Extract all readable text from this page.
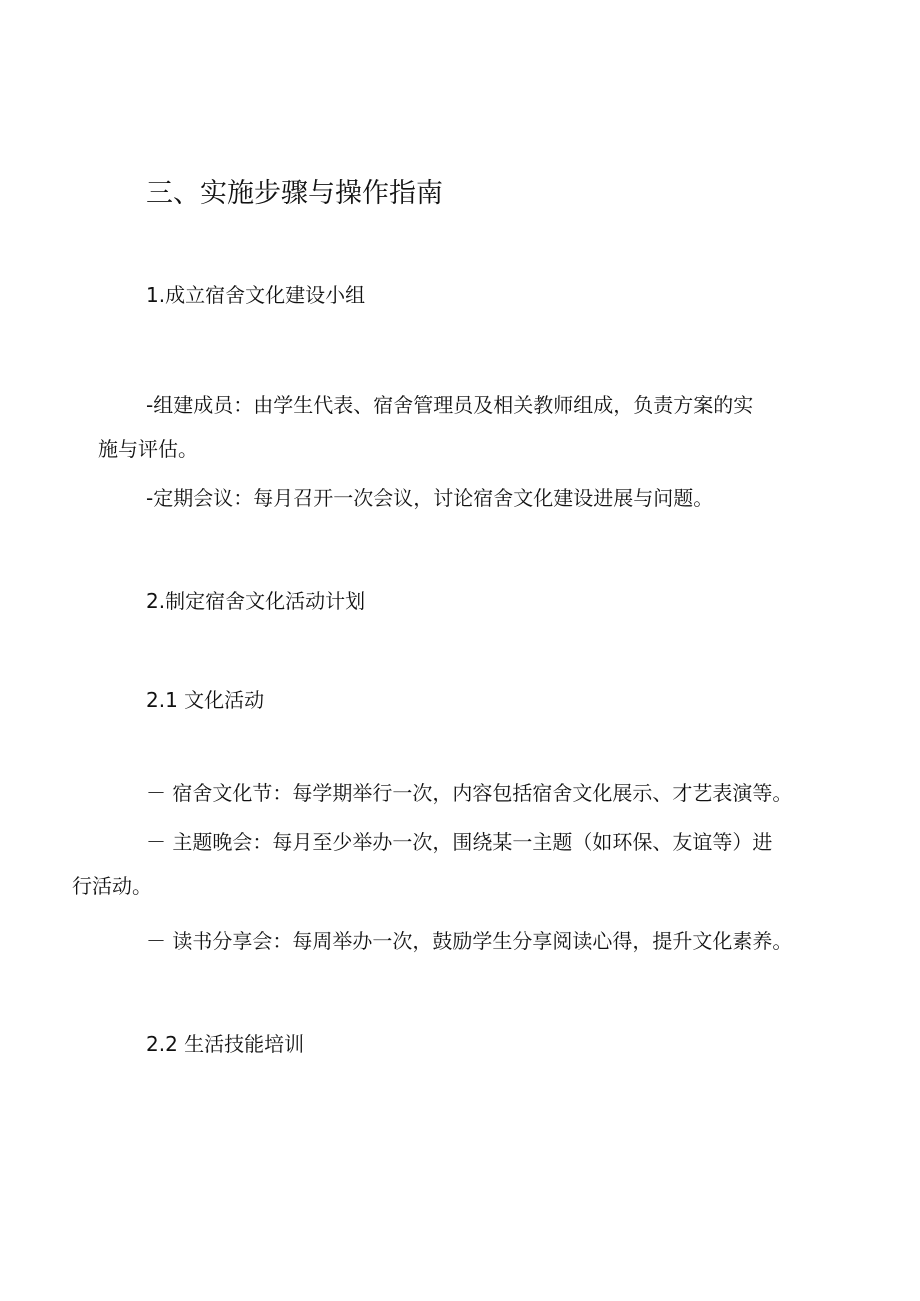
三、实施步骤与操作指南

1.成立宿舍文化建设小组

-组建成员：由学生代表、宿舍管理员及相关教师组成，负责方案的实
施与评估。

-定期会议：每月召开一次会议，讨论宿舍文化建设进展与问题。

2.制定宿舍文化活动计划

2.1 文化活动

－ 宿舍文化节：每学期举行一次，内容包括宿舍文化展示、才艺表演等。

－ 主题晚会：每月至少举办一次，围绕某一主题（如环保、友谊等）进
行活动。

－ 读书分享会：每周举办一次，鼓励学生分享阅读心得，提升文化素养。

2.2 生活技能培训
